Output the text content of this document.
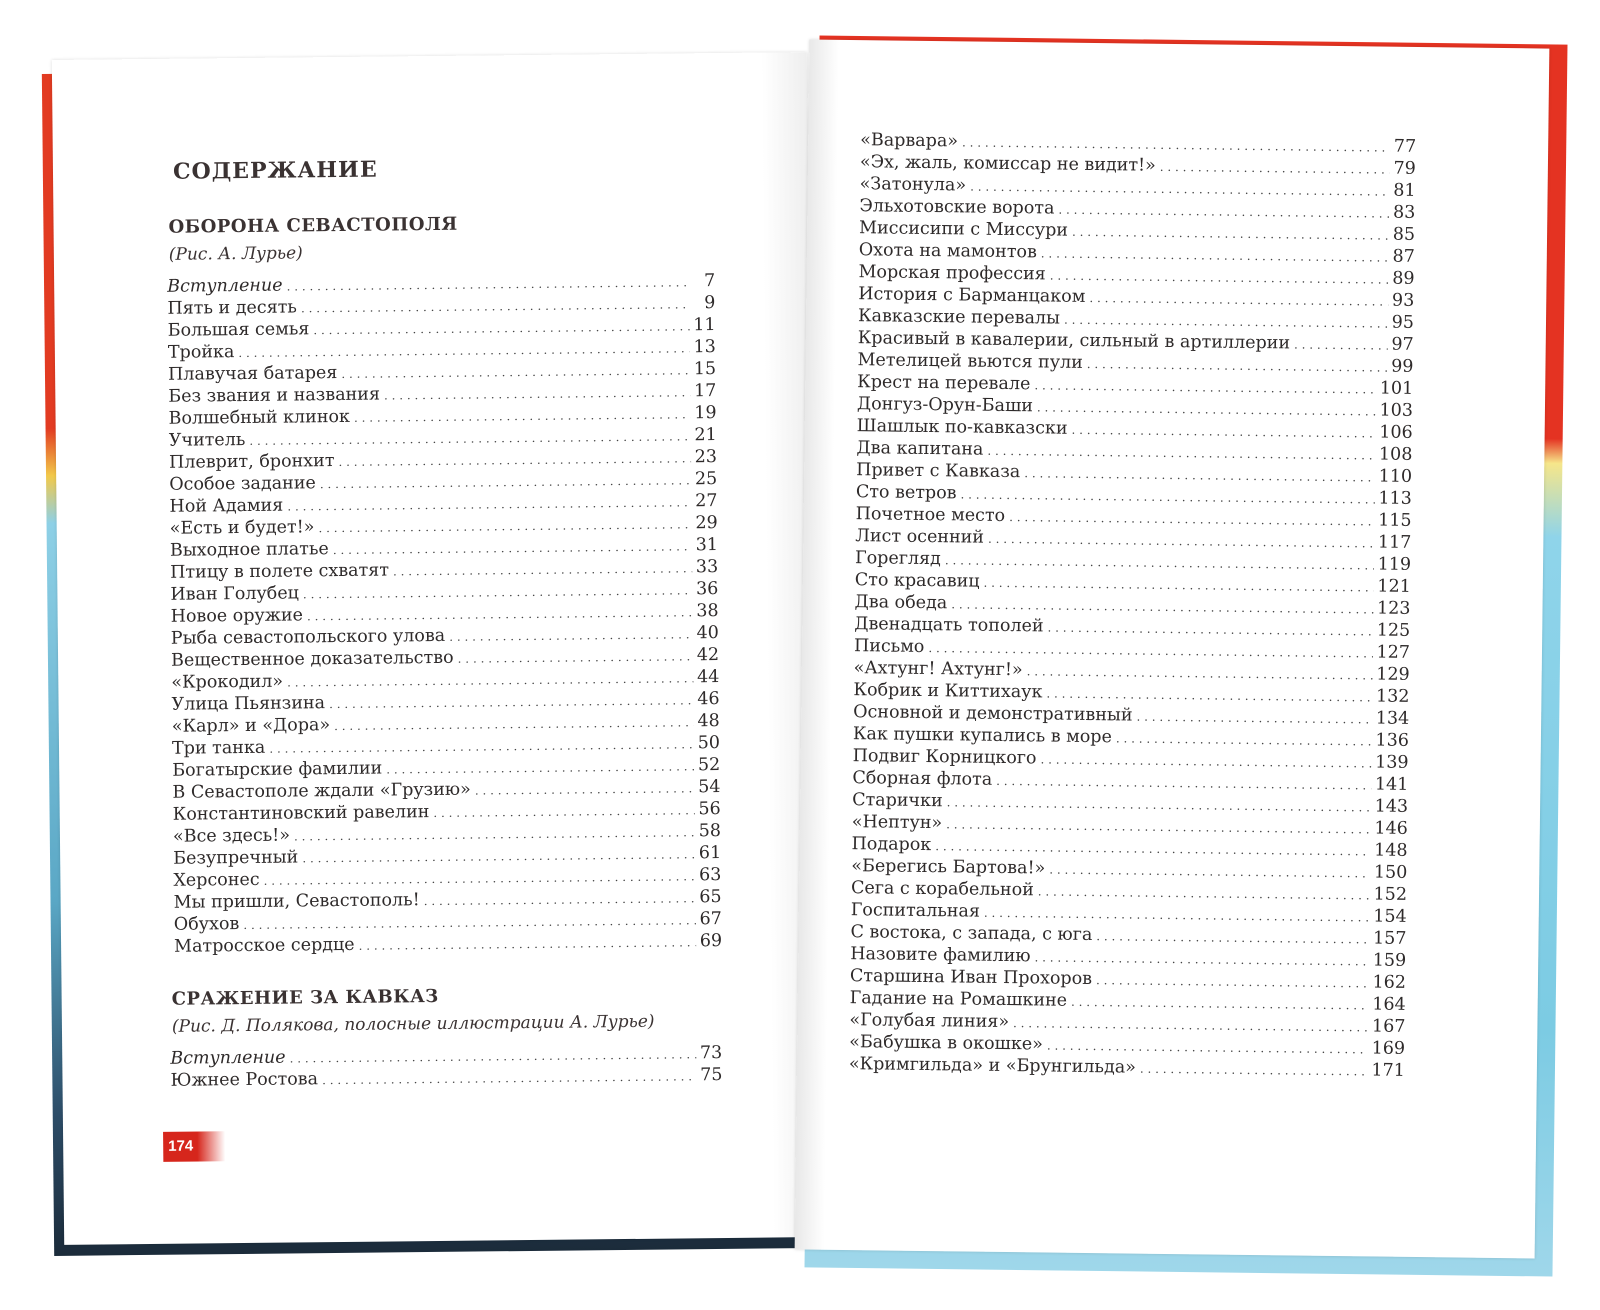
СОДЕРЖАНИЕ
ОБОРОНА СЕВАСТОПОЛЯ

(Рис. А. Лурье)

Вступление . . .	7
Пять и десять . . .	9
Большая семья . . .	11
Тройка . . .	13
Плавучая батарея . . .	15
Без звания и названия . . .	17
Волшебный клинок . . .	19
Учитель . . .	21
Плеврит, бронхит . . .	23
Особое задание . . .	25
Ной Адамия . . .	27
«Есть и будет!» . . .	29
Выходное платье . . .	31
Птицу в полете схватят . . .	33
Иван Голубец . . .	36
Новое оружие . . .	38
Рыба севастопольского улова . . .	40
Вещественное доказательство . . .	42
«Крокодил» . . .	44
Улица Пьянзина . . .	46
«Карл» и «Дора» . . .	48
Три танка . . .	50
Богатырские фамилии . . .	52
В Севастополе ждали «Грузию» . . .	54
Константиновский равелин . . .	56
«Все здесь!» . . .	58
Безупречный . . .	61
Херсонес . . .	63
Мы пришли, Севастополь! . . .	65
Обухов . . .	67
Матросское сердце . . .	69
СРАЖЕНИЕ ЗА КАВКАЗ

(Рис. Д. Полякова, полосные иллюстрации А. Лурье)

Вступление . . .	73
Южнее Ростова . . .	75
174
«Варвара» . . .	77
«Эх, жаль, комиссар не видит!» . . .	79
«Затонула» . . .	81
Эльхотовские ворота . . .	83
Миссисипи с Миссури . . .	85
Охота на мамонтов . . .	87
Морская профессия . . .	89
История с Барманцаком . . .	93
Кавказские перевалы . . .	95
Красивый в кавалерии, сильный в артиллерии . . .	97
Метелицей вьются пули . . .	99
Крест на перевале . . .	101
Донгуз-Орун-Баши . . .	103
Шашлык по-кавказски . . .	106
Два капитана . . .	108
Привет с Кавказа . . .	110
Сто ветров . . .	113
Почетное место . . .	115
Лист осенний . . .	117
Горегляд . . .	119
Сто красавиц . . .	121
Два обеда . . .	123
Двенадцать тополей . . .	125
Письмо . . .	127
«Ахтунг! Ахтунг!» . . .	129
Кобрик и Киттихаук . . .	132
Основной и демонстративный . . .	134
Как пушки купались в море . . .	136
Подвиг Корницкого . . .	139
Сборная флота . . .	141
Старички . . .	143
«Нептун» . . .	146
Подарок . . .	148
«Берегись Бартова!» . . .	150
Сега с корабельной . . .	152
Госпитальная . . .	154
С востока, с запада, с юга . . .	157
Назовите фамилию . . .	159
Старшина Иван Прохоров . . .	162
Гадание на Ромашкине . . .	164
«Голубая линия» . . .	167
«Бабушка в окошке» . . .	169
«Кримгильда» и «Брунгильда» . . .	171
